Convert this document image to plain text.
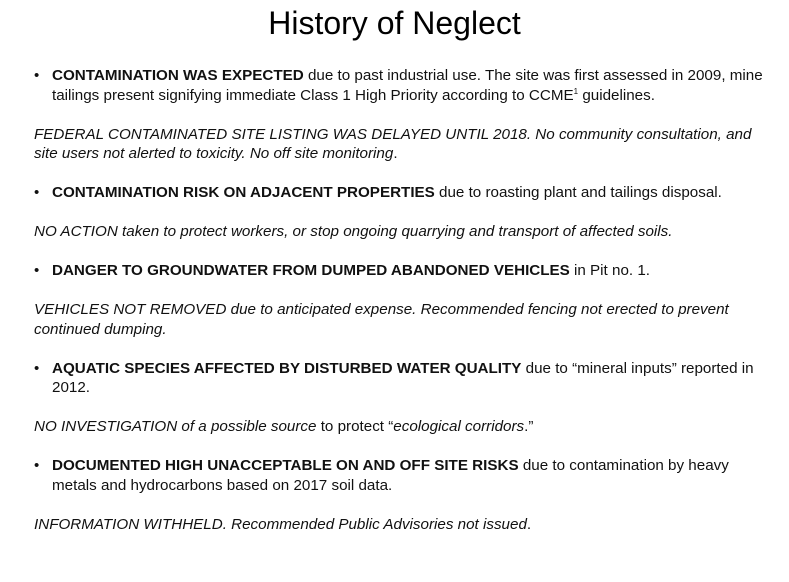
History of Neglect
• CONTAMINATION WAS EXPECTED due to past industrial use. The site was first assessed in 2009, mine tailings present signifying immediate Class 1 High Priority according to CCME$^1$ guidelines.

FEDERAL CONTAMINATED SITE LISTING WAS DELAYED UNTIL 2018. No community consultation, and site users not alerted to toxicity. No off site monitoring.

• CONTAMINATION RISK ON ADJACENT PROPERTIES due to roasting plant and tailings disposal.

NO ACTION taken to protect workers, or stop ongoing quarrying and transport of affected soils.

• DANGER TO GROUNDWATER FROM DUMPED ABANDONED VEHICLES in Pit no. 1.

VEHICLES NOT REMOVED due to anticipated expense. Recommended fencing not erected to prevent continued dumping.

• AQUATIC SPECIES AFFECTED BY DISTURBED WATER QUALITY due to “mineral inputs” reported in 2012.

NO INVESTIGATION of a possible source to protect “ecological corridors.”

• DOCUMENTED HIGH UNACCEPTABLE ON AND OFF SITE RISKS due to contamination by heavy metals and hydrocarbons based on 2017 soil data.

INFORMATION WITHHELD. Recommended Public Advisories not issued.
